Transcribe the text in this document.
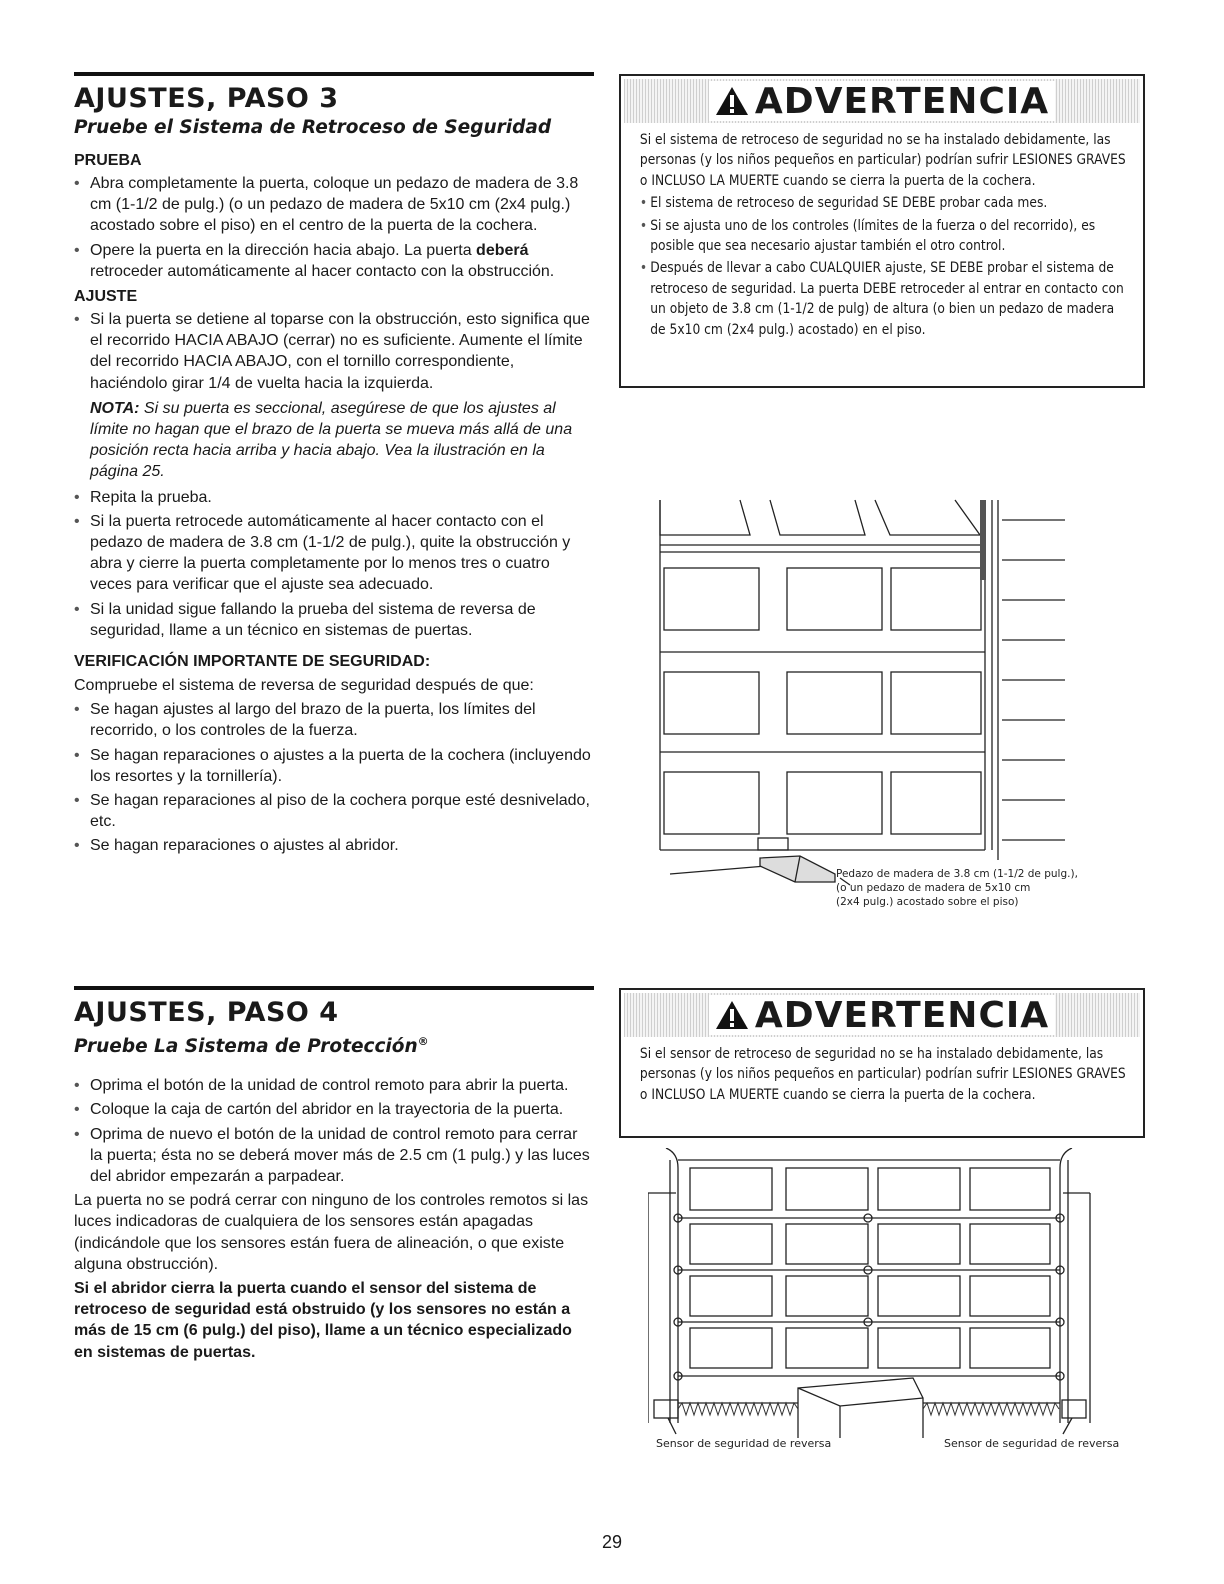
AJUSTES, PASO 3
Pruebe el Sistema de Retroceso de Seguridad
PRUEBA
• Abra completamente la puerta, coloque un pedazo de madera de 3.8 cm (1-1/2 de pulg.) (o un pedazo de madera de 5x10 cm (2x4 pulg.) acostado sobre el piso) en el centro de la puerta de la cochera.
• Opere la puerta en la dirección hacia abajo. La puerta deberá retroceder automáticamente al hacer contacto con la obstrucción.
AJUSTE
• Si la puerta se detiene al toparse con la obstrucción, esto significa que el recorrido HACIA ABAJO (cerrar) no es suficiente. Aumente el límite del recorrido HACIA ABAJO, con el tornillo correspondiente, haciéndolo girar 1/4 de vuelta hacia la izquierda.

NOTA: Si su puerta es seccional, asegúrese de que los ajustes al límite no hagan que el brazo de la puerta se mueva más allá de una posición recta hacia arriba y hacia abajo. Vea la ilustración en la página 25.

• Repita la prueba.
• Si la puerta retrocede automáticamente al hacer contacto con el pedazo de madera de 3.8 cm (1-1/2 de pulg.), quite la obstrucción y abra y cierre la puerta completamente por lo menos tres o cuatro veces para verificar que el ajuste sea adecuado.
• Si la unidad sigue fallando la prueba del sistema de reversa de seguridad, llame a un técnico en sistemas de puertas.
VERIFICACIÓN IMPORTANTE DE SEGURIDAD:

Compruebe el sistema de reversa de seguridad después de que:

• Se hagan ajustes al largo del brazo de la puerta, los límites del recorrido, o los controles de la fuerza.
• Se hagan reparaciones o ajustes a la puerta de la cochera (incluyendo los resortes y la tornillería).
• Se hagan reparaciones al piso de la cochera porque esté desnivelado, etc.
• Se hagan reparaciones o ajustes al abridor.
AJUSTES, PASO 4
Pruebe La Sistema de Protección®
• Oprima el botón de la unidad de control remoto para abrir la puerta.
• Coloque la caja de cartón del abridor en la trayectoria de la puerta.
• Oprima de nuevo el botón de la unidad de control remoto para cerrar la puerta; ésta no se deberá mover más de 2.5 cm (1 pulg.) y las luces del abridor empezarán a parpadear.

La puerta no se podrá cerrar con ninguno de los controles remotos si las luces indicadoras de cualquiera de los sensores están apagadas (indicándole que los sensores están fuera de alineación, o que existe alguna obstrucción).

Si el abridor cierra la puerta cuando el sensor del sistema de retroceso de seguridad está obstruido (y los sensores no están a más de 15 cm (6 pulg.) del piso), llame a un técnico especializado en sistemas de puertas.

ADVERTENCIA

Si el sistema de retroceso de seguridad no se ha instalado debidamente, las personas (y los niños pequeños en particular) podrían sufrir LESIONES GRAVES o INCLUSO LA MUERTE cuando se cierra la puerta de la cochera.

• El sistema de retroceso de seguridad SE DEBE probar cada mes.
• Si se ajusta uno de los controles (límites de la fuerza o del recorrido), es posible que sea necesario ajustar también el otro control.
• Después de llevar a cabo CUALQUIER ajuste, SE DEBE probar el sistema de retroceso de seguridad. La puerta DEBE retroceder al entrar en contacto con un objeto de 3.8 cm (1-1/2 de pulg) de altura (o bien un pedazo de madera de 5x10 cm (2x4 pulg.) acostado) en el piso.
Pedazo de madera de 3.8 cm (1-1/2 de pulg.),
(o un pedazo de madera de 5x10 cm
(2x4 pulg.) acostado sobre el piso)
ADVERTENCIA

Si el sensor de retroceso de seguridad no se ha instalado debidamente, las personas (y los niños pequeños en particular) podrían sufrir LESIONES GRAVES o INCLUSO LA MUERTE cuando se cierra la puerta de la cochera.

Sensor de seguridad de reversa	Sensor de seguridad de reversa
29
